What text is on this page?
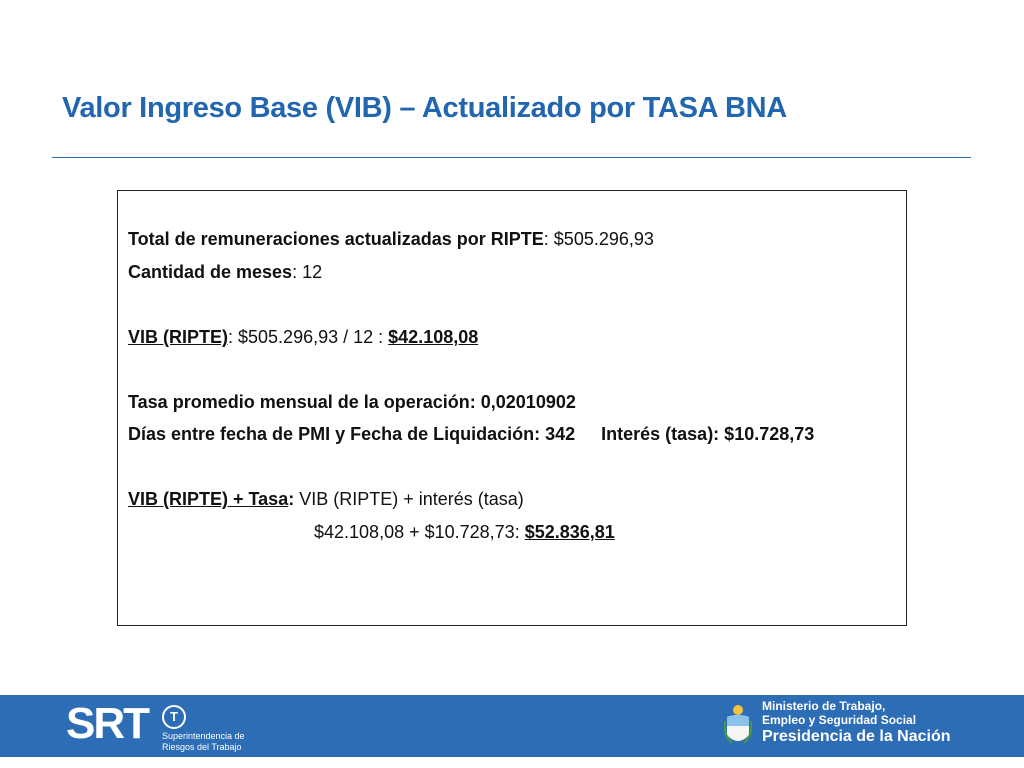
Valor Ingreso Base (VIB) – Actualizado por TASA BNA
Total de remuneraciones actualizadas por RIPTE: $505.296,93
Cantidad de meses: 12
VIB (RIPTE): $505.296,93 / 12 : $42.108,08
Tasa promedio mensual de la operación: 0,02010902
Días entre fecha de PMI y Fecha de Liquidación: 342 Interés (tasa): $10.728,73
VIB (RIPTE) + Tasa: VIB (RIPTE) + interés (tasa)
$42.108,08 + $10.728,73: $52.836,81
SRT	T
Superintendencia de
Riesgos del Trabajo
Ministerio de Trabajo,
Empleo y Seguridad Social
Presidencia de la Nación
